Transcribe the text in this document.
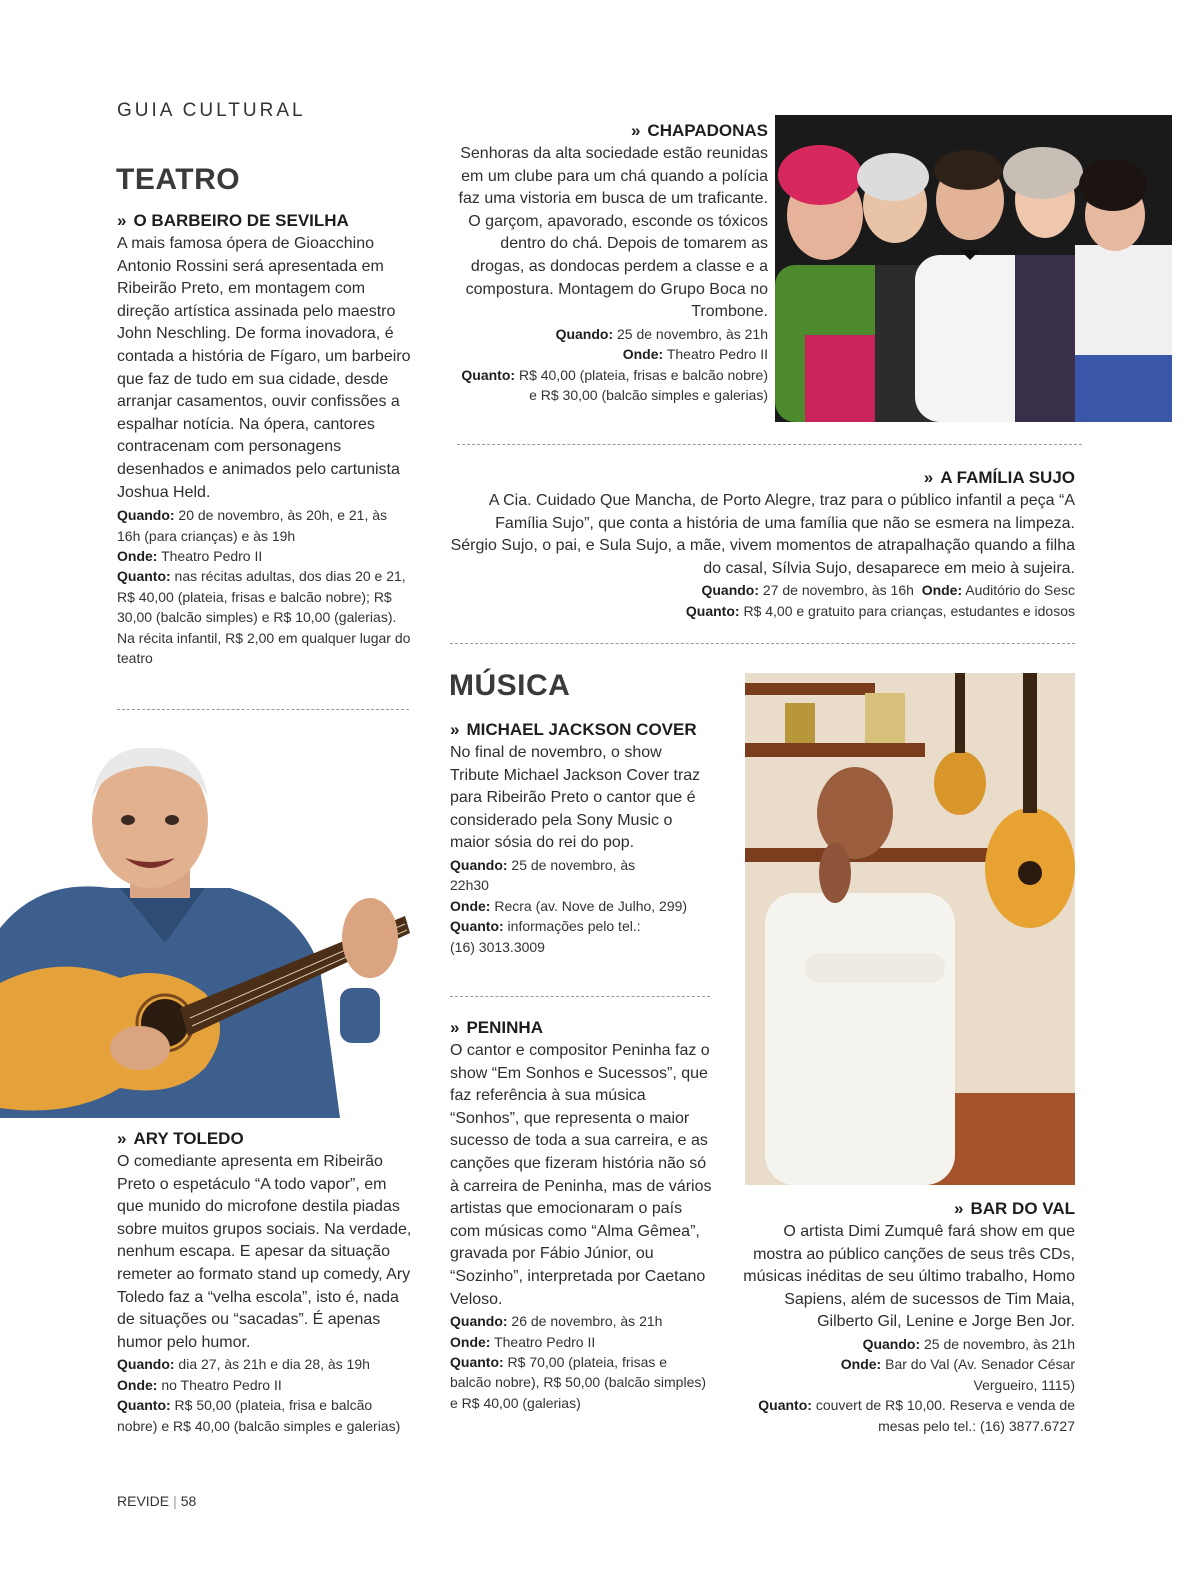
GUIA CULTURAL
TEATRO
» O BARBEIRO DE SEVILHA
A mais famosa ópera de Gioacchino Antonio Rossini será apresentada em Ribeirão Preto, em montagem com direção artística assinada pelo maestro John Neschling. De forma inovadora, é contada a história de Fígaro, um barbeiro que faz de tudo em sua cidade, desde arranjar casamentos, ouvir confissões a espalhar notícia. Na ópera, cantores contracenam com personagens desenhados e animados pelo cartunista Joshua Held.
Quando: 20 de novembro, às 20h, e 21, às 16h (para crianças) e às 19h
Onde: Theatro Pedro II
Quanto: nas récitas adultas, dos dias 20 e 21, R$ 40,00 (plateia, frisas e balcão nobre); R$ 30,00 (balcão simples) e R$ 10,00 (galerias). Na récita infantil, R$ 2,00 em qualquer lugar do teatro
» ARY TOLEDO
O comediante apresenta em Ribeirão Preto o espetáculo “A todo vapor”, em que munido do microfone destila piadas sobre muitos grupos sociais. Na verdade, nenhum escapa. E apesar da situação remeter ao formato stand up comedy, Ary Toledo faz a “velha escola”, isto é, nada de situações ou “sacadas”. É apenas humor pelo humor.
Quando: dia 27, às 21h e dia 28, às 19h
Onde: no Theatro Pedro II
Quanto: R$ 50,00 (plateia, frisa e balcão nobre) e R$ 40,00 (balcão simples e galerias)
» CHAPADONAS
Senhoras da alta sociedade estão reunidas em um clube para um chá quando a polícia faz uma vistoria em busca de um traficante. O garçom, apavorado, esconde os tóxicos dentro do chá. Depois de tomarem as drogas, as dondocas perdem a classe e a compostura. Montagem do Grupo Boca no Trombone.
Quando: 25 de novembro, às 21h
Onde: Theatro Pedro II
Quanto: R$ 40,00 (plateia, frisas e balcão nobre) e R$ 30,00 (balcão simples e galerias)
» A FAMÍLIA SUJO
A Cia. Cuidado Que Mancha, de Porto Alegre, traz para o público infantil a peça “A Família Sujo”, que conta a história de uma família que não se esmera na limpeza. Sérgio Sujo, o pai, e Sula Sujo, a mãe, vivem momentos de atrapalhação quando a filha do casal, Sílvia Sujo, desaparece em meio à sujeira.
Quando: 27 de novembro, às 16h Onde: Auditório do Sesc
Quanto: R$ 4,00 e gratuito para crianças, estudantes e idosos
MÚSICA
» MICHAEL JACKSON COVER
No final de novembro, o show Tribute Michael Jackson Cover traz para Ribeirão Preto o cantor que é considerado pela Sony Music o maior sósia do rei do pop.
Quando: 25 de novembro, às 22h30
Onde: Recra (av. Nove de Julho, 299)
Quanto: informações pelo tel.: (16) 3013.3009
» PENINHA
O cantor e compositor Peninha faz o show “Em Sonhos e Sucessos”, que faz referência à sua música “Sonhos”, que representa o maior sucesso de toda a sua carreira, e as canções que fizeram história não só à carreira de Peninha, mas de vários artistas que emocionaram o país com músicas como “Alma Gêmea”, gravada por Fábio Júnior, ou “Sozinho”, interpretada por Caetano Veloso.
Quando: 26 de novembro, às 21h
Onde: Theatro Pedro II
Quanto: R$ 70,00 (plateia, frisas e balcão nobre), R$ 50,00 (balcão simples) e R$ 40,00 (galerias)
» BAR DO VAL
O artista Dimi Zumquê fará show em que mostra ao público canções de seus três CDs, músicas inéditas de seu último trabalho, Homo Sapiens, além de sucessos de Tim Maia, Gilberto Gil, Lenine e Jorge Ben Jor.
Quando: 25 de novembro, às 21h
Onde: Bar do Val (Av. Senador César Vergueiro, 1115)
Quanto: couvert de R$ 10,00. Reserva e venda de mesas pelo tel.: (16) 3877.6727
REVIDE | 58
